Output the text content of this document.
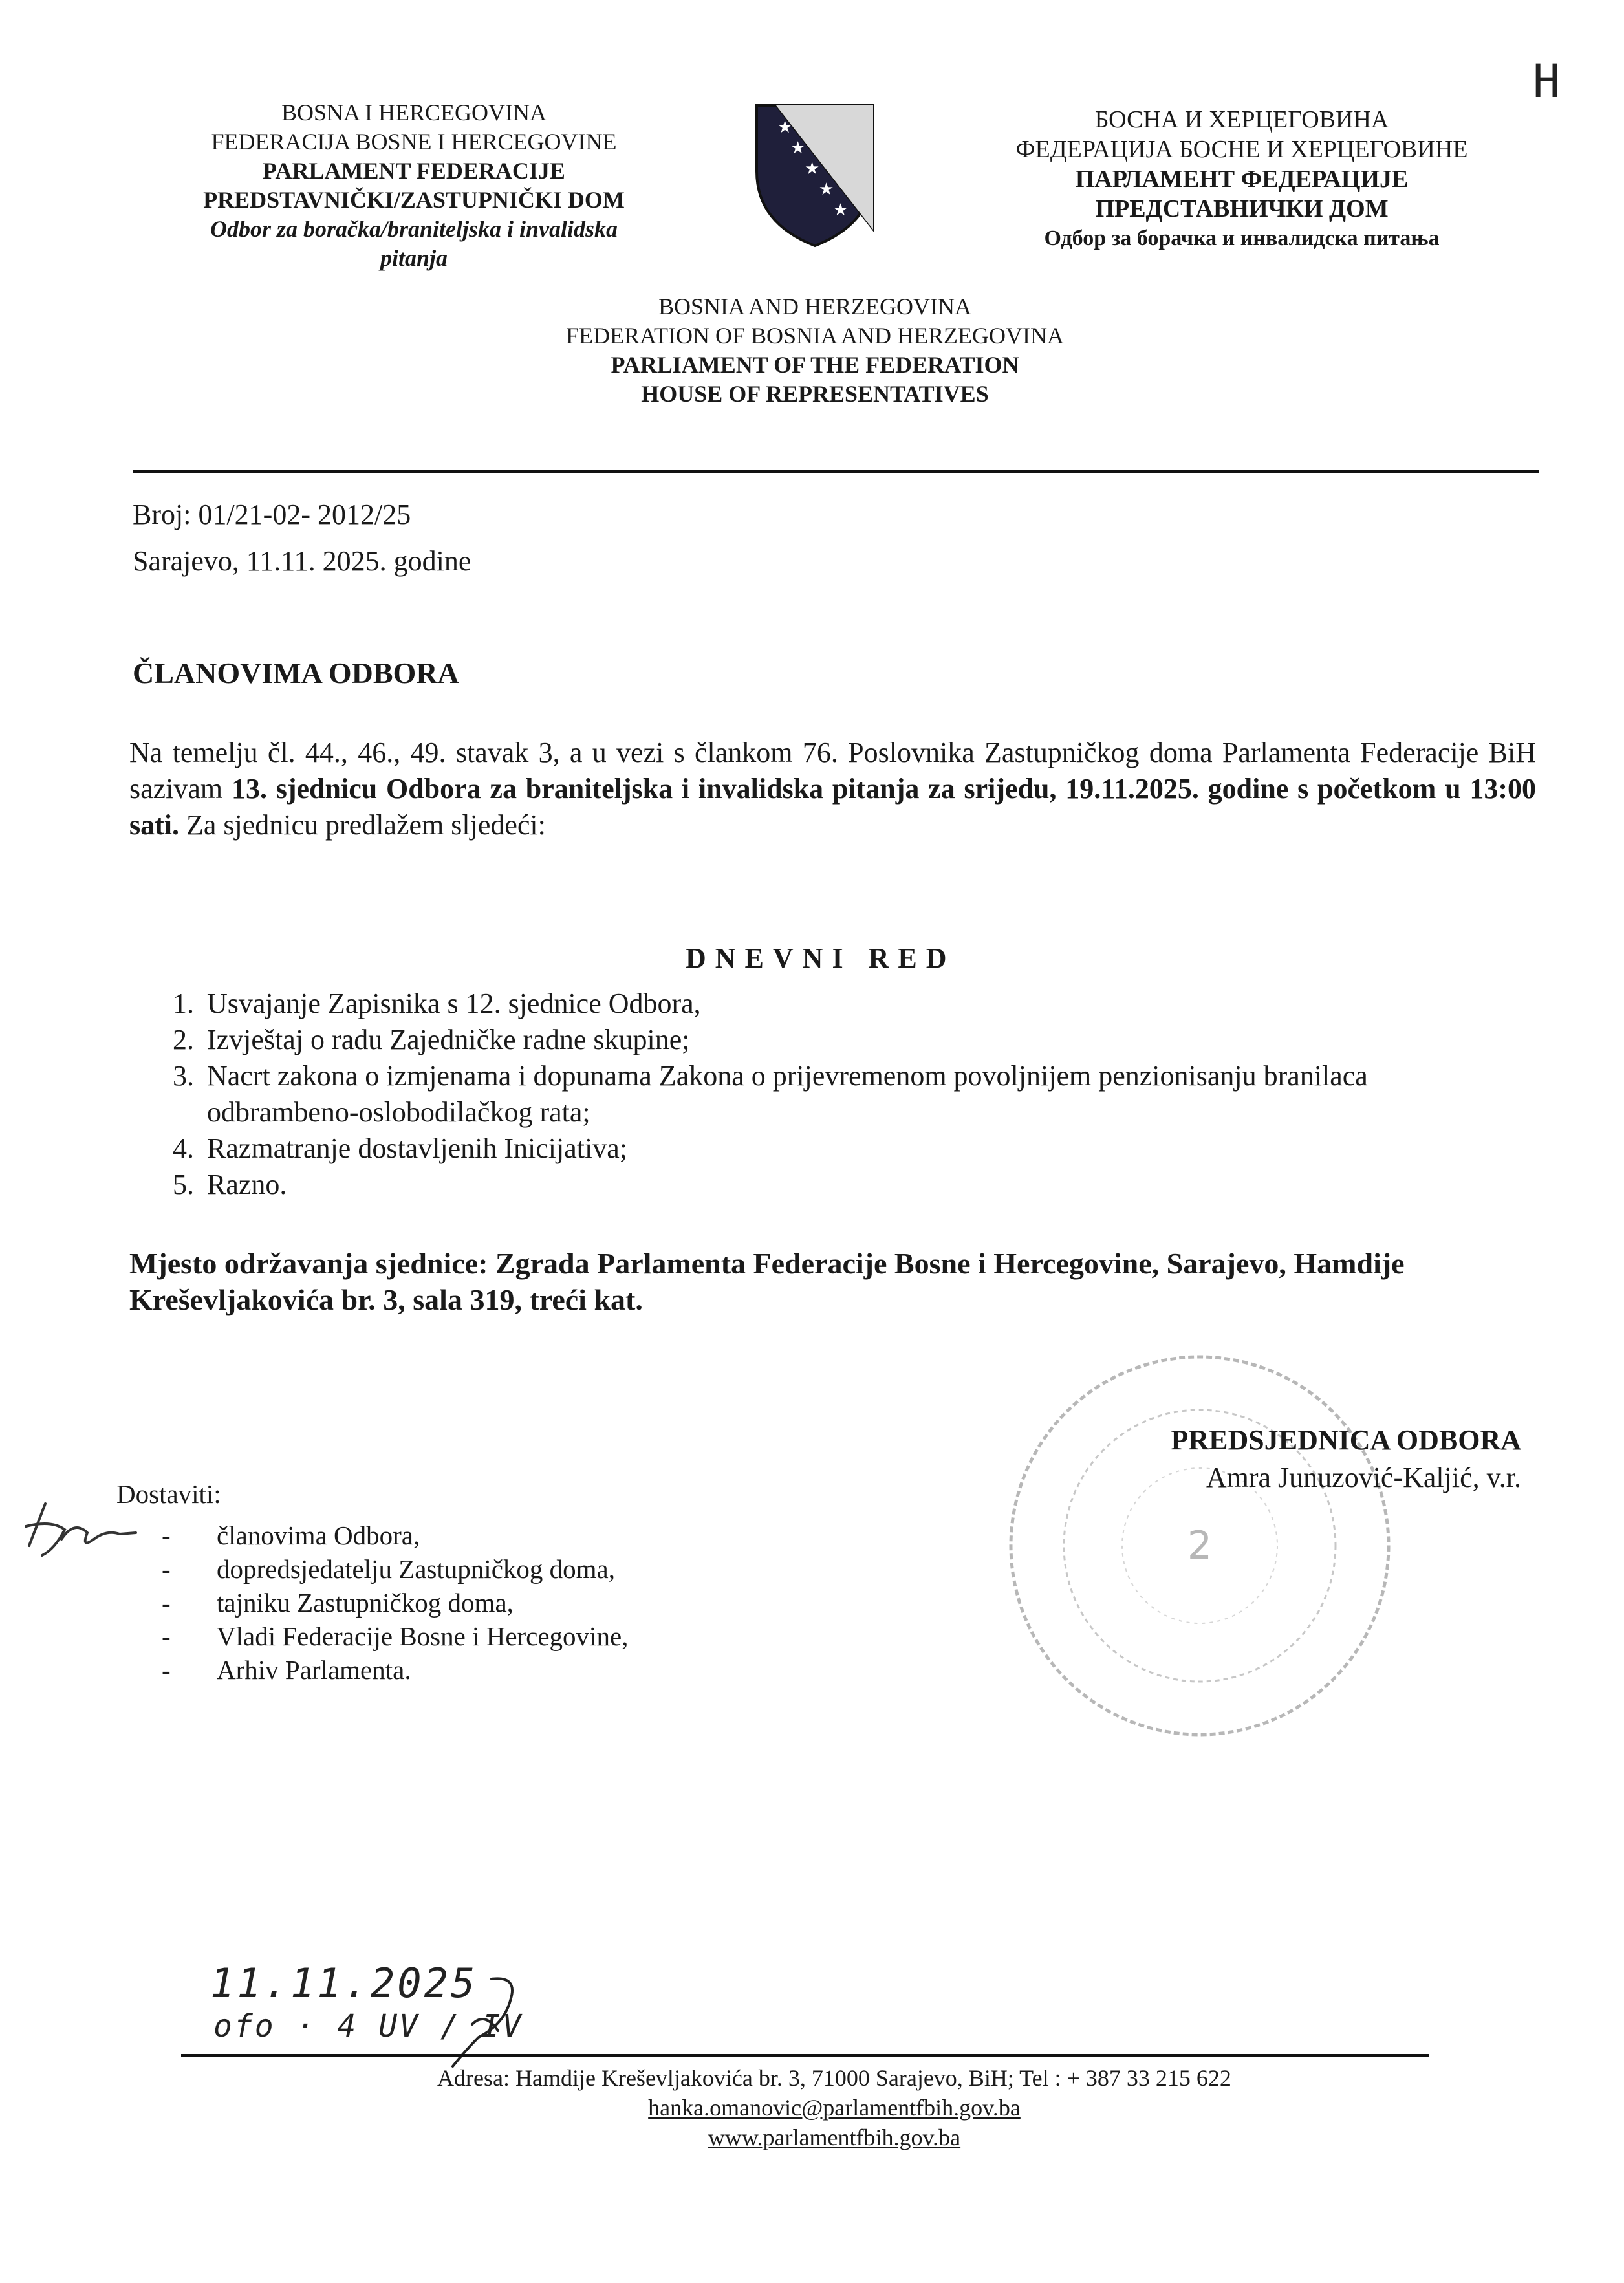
H
BOSNA I HERCEGOVINA
FEDERACIJA BOSNE I HERCEGOVINE
PARLAMENT FEDERACIJE
PREDSTAVNIČKI/ZASTUPNIČKI DOM
Odbor za boračka/braniteljska i invalidska
pitanja
★
★
★
★
★
БОСНА И ХЕРЦЕГОВИНА
ФЕДЕРАЦИЈА БОСНЕ И ХЕРЦЕГОВИНЕ
ПАРЛАМЕНТ ФЕДЕРАЦИЈЕ
ПРЕДСТАВНИЧКИ ДОМ
Одбор за борачка и инвалидска питања
BOSNIA AND HERZEGOVINA
FEDERATION OF BOSNIA AND HERZEGOVINA
PARLIAMENT OF THE FEDERATION
HOUSE OF REPRESENTATIVES
Broj: 01/21-02- 2012/25
Sarajevo, 11.11. 2025. godine
ČLANOVIMA ODBORA
Na temelju čl. 44., 46., 49. stavak 3, a u vezi s člankom 76. Poslovnika Zastupničkog doma Parlamenta Federacije BiH sazivam 13. sjednicu Odbora za braniteljska i invalidska pitanja za srijedu, 19.11.2025. godine s početkom u 13:00 sati. Za sjednicu predlažem sljedeći:
DNEVNI RED
1. Usvajanje Zapisnika s 12. sjednice Odbora,
2. Izvještaj o radu Zajedničke radne skupine;
3. Nacrt zakona o izmjenama i dopunama Zakona o prijevremenom povoljnijem penzionisanju branilaca odbrambeno-oslobodilačkog rata;
4. Razmatranje dostavljenih Inicijativa;
5. Razno.
Mjesto održavanja sjednice: Zgrada Parlamenta Federacije Bosne i Hercegovine, Sarajevo, Hamdije Kreševljakovića br. 3, sala 319, treći kat.
2
PREDSJEDNICA ODBORA
Amra Junuzović-Kaljić, v.r.
Dostaviti:
- članovima Odbora,
- dopredsjedatelju Zastupničkog doma,
- tajniku Zastupničkog doma,
- Vladi Federacije Bosne i Hercegovine,
- Arhiv Parlamenta.
11.11.2025
ofo · 4 UV / IV
Adresa: Hamdije Kreševljakovića br. 3, 71000 Sarajevo, BiH; Tel : + 387 33 215 622
hanka.omanovic@parlamentfbih.gov.ba
www.parlamentfbih.gov.ba
